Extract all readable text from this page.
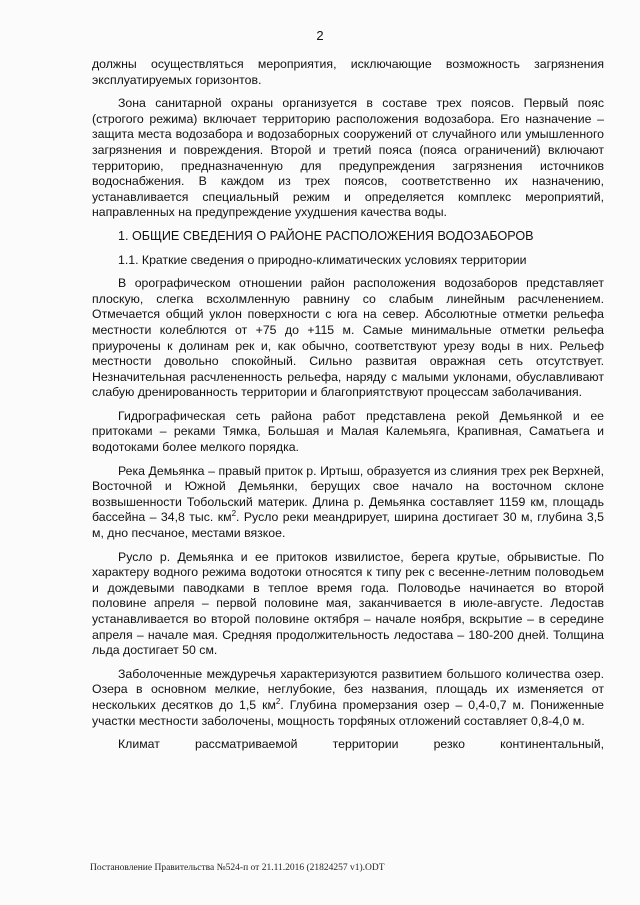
2

должны осуществляться мероприятия, исключающие возможность загрязнения эксплуатируемых горизонтов.

Зона санитарной охраны организуется в составе трех поясов. Первый пояс (строгого режима) включает территорию расположения водозабора. Его назначение – защита места водозабора и водозаборных сооружений от случайного или умышленного загрязнения и повреждения. Второй и третий пояса (пояса ограничений) включают территорию, предназначенную для предупреждения загрязнения источников водоснабжения. В каждом из трех поясов, соответственно их назначению, устанавливается специальный режим и определяется комплекс мероприятий, направленных на предупреждение ухудшения качества воды.

1. ОБЩИЕ СВЕДЕНИЯ О РАЙОНЕ РАСПОЛОЖЕНИЯ ВОДОЗАБОРОВ
1.1. Краткие сведения о природно-климатических условиях территории

В орографическом отношении район расположения водозаборов представляет плоскую, слегка всхолмленную равнину со слабым линейным расчленением. Отмечается общий уклон поверхности с юга на север. Абсолютные отметки рельефа местности колеблются от +75 до +115 м. Самые минимальные отметки рельефа приурочены к долинам рек и, как обычно, соответствуют урезу воды в них. Рельеф местности довольно спокойный. Сильно развитая овражная сеть отсутствует. Незначительная расчлененность рельефа, наряду с малыми уклонами, обуславливают слабую дренированность территории и благоприятствуют процессам заболачивания.

Гидрографическая сеть района работ представлена рекой Демьянкой и ее притоками – реками Тямка, Большая и Малая Калемьяга, Крапивная, Саматьега и водотоками более мелкого порядка.

Река Демьянка – правый приток р. Иртыш, образуется из слияния трех рек Верхней, Восточной и Южной Демьянки, берущих свое начало на восточном склоне возвышенности Тобольский материк. Длина р. Демьянка составляет 1159 км, площадь бассейна – 34,8 тыс. $км^2$. Русло реки меандрирует, ширина достигает 30 м, глубина 3,5 м, дно песчаное, местами вязкое.

Русло р. Демьянка и ее притоков извилистое, берега крутые, обрывистые. По характеру водного режима водотоки относятся к типу рек с весенне-летним половодьем и дождевыми паводками в теплое время года. Половодье начинается во второй половине апреля – первой половине мая, заканчивается в июле-августе. Ледостав устанавливается во второй половине октября – начале ноября, вскрытие – в середине апреля – начале мая. Средняя продолжительность ледостава – 180-200 дней. Толщина льда достигает 50 см.

Заболоченные междуречья характеризуются развитием большого количества озер. Озера в основном мелкие, неглубокие, без названия, площадь их изменяется от нескольких десятков до 1,5 $км^2$. Глубина промерзания озер – 0,4-0,7 м. Пониженные участки местности заболочены, мощность торфяных отложений составляет 0,8-4,0 м.

Климат рассматриваемой территории резко континентальный,

Постановление Правительства №524-п от 21.11.2016 (21824257 v1).ODT
